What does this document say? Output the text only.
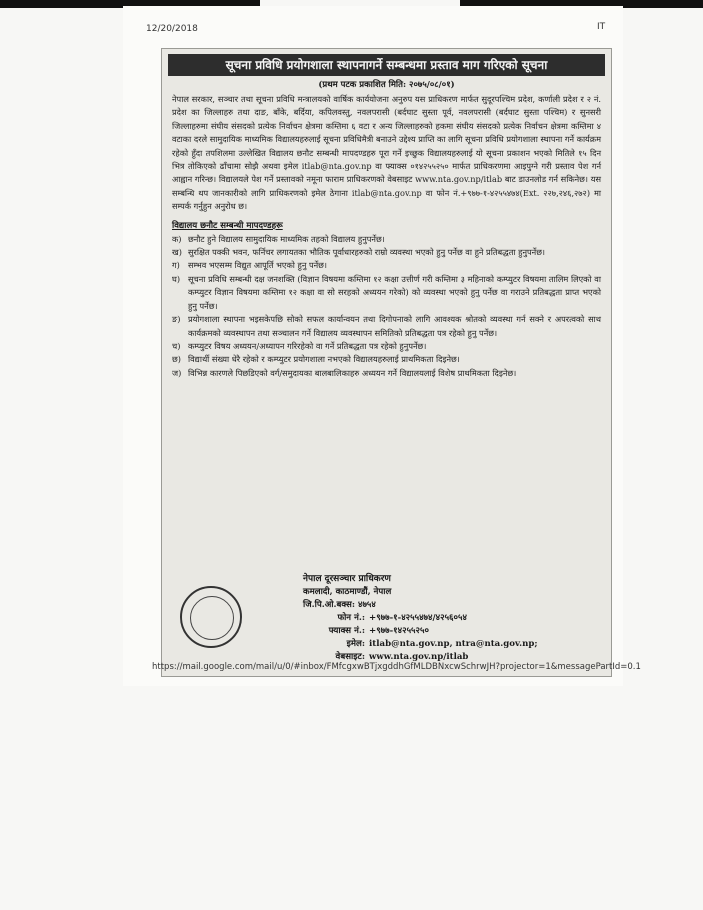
12/20/2018	IT
सूचना प्रविधि प्रयोगशाला स्थापनागर्ने सम्बन्धमा प्रस्ताव माग गरिएको सूचना
(प्रथम पटक प्रकाशित मिति: २०७५/०८/०१)
नेपाल सरकार, सञ्चार तथा सूचना प्रविधि मन्त्रालयको वार्षिक कार्ययोजना अनुरुप यस प्राधिकरण मार्फत सुदूरपश्चिम प्रदेश, कर्णाली प्रदेश र २ नं. प्रदेश का जिल्लाहरु तथा दाङ, बाँके, बर्दिया, कपिलवस्तु, नवलपरासी (बर्दघाट सुस्ता पूर्व, नवलपरासी (बर्दघाट सुस्ता पश्चिम) र सुनसरी जिल्लाहरुमा संघीय संसदको प्रत्येक निर्वाचन क्षेत्रमा कम्तिमा ६ वटा र अन्य जिल्लाहरुको हकमा संघीय संसदको प्रत्येक निर्वाचन क्षेत्रमा कम्तिमा ४ वटाका दरले सामुदायिक माध्यमिक विद्यालयहरुलाई सूचना प्रविधिमैत्री बनाउने उद्देश्य प्राप्ति का लागि सूचना प्रविधि प्रयोगशाला स्थापना गर्ने कार्यक्रम रहेको हुँदा तपशिलमा उल्लेखित विद्यालय छनौट सम्बन्धी मापदण्डहरु पूरा गर्ने इच्छुक विद्यालयहरुलाई यो सूचना प्रकाशन भएको मितिले १५ दिन भित्र तोकिएको ढाँचामा सोझै अथवा इमेल itlab@nta.gov.np वा फ्याक्स ०१४२५५२५० मार्फत प्राधिकरणमा आइपुग्ने गरी प्रस्ताव पेश गर्न आह्वान गरिन्छ। विद्यालयले पेश गर्ने प्रस्तावको नमूना फाराम प्राधिकरणको वेबसाइट www.nta.gov.np/itlab बाट डाउनलोड गर्न सकिनेछ। यस सम्बन्धि थप जानकारीको लागि प्राधिकरणको इमेल ठेगाना itlab@nta.gov.np वा फोन नं.+९७७-१-४२५५४७४(Ext. २२७,२४६,२७२) मा सम्पर्क गर्नुहुन अनुरोध छ।
विद्यालय छनौट सम्बन्धी मापदण्डहरू
क) छनौट हुने विद्यालय सामुदायिक माध्यमिक तहको विद्यालय हुनुपर्नेछ।
ख) सुरक्षित पक्की भवन, फर्निचर लगायतका भौतिक पूर्वाधारहरुको राम्रो व्यवस्था भएको हुनु पर्नेछ वा हुने प्रतिबद्धता हुनुपर्नेछ।
ग) सम्भव भएसम्म विद्युत आपूर्ति भएको हुनु पर्नेछ।
घ) सूचना प्रविधि सम्बन्धी दक्ष जनशक्ति (विज्ञान विषयमा कम्तिमा १२ कक्षा उत्तीर्ण गरी कम्तिमा ३ महिनाको कम्प्युटर विषयमा तालिम लिएको वा कम्प्युटर विज्ञान विषयमा कम्तिमा १२ कक्षा वा सो सरहको अध्ययन गरेको) को व्यवस्था भएको हुनु पर्नेछ वा गराउने प्रतिबद्धता प्राप्त भएको हुनु पर्नेछ।
ङ) प्रयोगशाला स्थापना भइसकेपछि सोको सफल कार्यान्वयन तथा दिगोपनाको लागि आवश्यक श्रोतको व्यवस्था गर्न सक्ने र अपरत्वको साथ कार्यक्रमको व्यवस्थापन तथा सञ्चालन गर्ने विद्यालय व्यवस्थापन समितिको प्रतिबद्धता पत्र रहेको हुनु पर्नेछ।
च) कम्प्युटर विषय अध्ययन/अध्यापन गरिरहेको वा गर्ने प्रतिबद्धता पत्र रहेको हुनुपर्नेछ।
छ) विद्यार्थी संख्या धेरै रहेको र कम्प्युटर प्रयोगशाला नभएको विद्यालयहरुलाई प्राथमिकता दिइनेछ।
ज) विभिन्न कारणले पिछडिएको वर्ग/समुदायका बालबालिकाहरु अध्ययन गर्ने विद्यालयलाई विशेष प्राथमिकता दिइनेछ।
नेपाल दूरसञ्चार प्राधिकरण
कमलादी, काठमाण्डौं, नेपाल
जि.पि.ओ.बक्स: ४७५४
फोन नं.: +९७७-१-४२५५४७४/४२५६०५४
फ्याक्स नं.: +९७७-१४२५५२५०
इमेल: itlab@nta.gov.np, ntra@nta.gov.np;
वेबसाइट: www.nta.gov.np/itlab
https://mail.google.com/mail/u/0/#inbox/FMfcgxwBTjxgddhGfMLDBNxcwSchrwJH?projector=1&messagePartId=0.1
